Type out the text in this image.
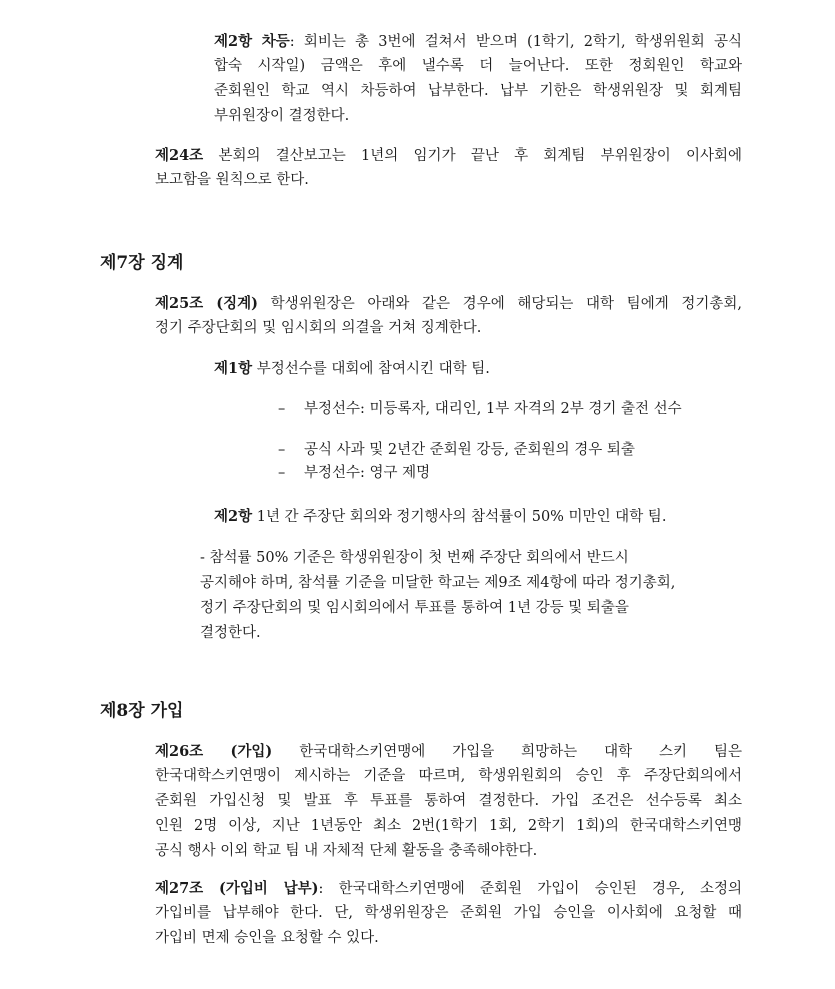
제2항 차등: 회비는 총 3번에 걸쳐서 받으며 (1학기, 2학기, 학생위원회 공식
합숙 시작일) 금액은 후에 낼수록 더 늘어난다. 또한 정회원인 학교와
준회원인 학교 역시 차등하여 납부한다. 납부 기한은 학생위원장 및 회계팀
부위원장이 결정한다.
제24조 본회의 결산보고는 1년의 임기가 끝난 후 회계팀 부위원장이 이사회에
보고함을 원칙으로 한다.
제7장 징계
제25조 (징계) 학생위원장은 아래와 같은 경우에 해당되는 대학 팀에게 정기총회,
정기 주장단회의 및 임시회의 의결을 거쳐 징계한다.
제1항 부정선수를 대회에 참여시킨 대학 팀.
– 부정선수: 미등록자, 대리인, 1부 자격의 2부 경기 출전 선수
– 공식 사과 및 2년간 준회원 강등, 준회원의 경우 퇴출
– 부정선수: 영구 제명
제2항 1년 간 주장단 회의와 정기행사의 참석률이 50% 미만인 대학 팀.
- 참석률 50% 기준은 학생위원장이 첫 번째 주장단 회의에서 반드시
공지해야 하며, 참석률 기준을 미달한 학교는 제9조 제4항에 따라 정기총회,
정기 주장단회의 및 임시회의에서 투표를 통하여 1년 강등 및 퇴출을
결정한다.
제8장 가입
제26조 (가입) 한국대학스키연맹에 가입을 희망하는 대학 스키 팀은
한국대학스키연맹이 제시하는 기준을 따르며, 학생위원회의 승인 후 주장단회의에서
준회원 가입신청 및 발표 후 투표를 통하여 결정한다. 가입 조건은 선수등록 최소
인원 2명 이상, 지난 1년동안 최소 2번(1학기 1회, 2학기 1회)의 한국대학스키연맹
공식 행사 이외 학교 팀 내 자체적 단체 활동을 충족해야한다.
제27조 (가입비 납부): 한국대학스키연맹에 준회원 가입이 승인된 경우, 소정의
가입비를 납부해야 한다. 단, 학생위원장은 준회원 가입 승인을 이사회에 요청할 때
가입비 면제 승인을 요청할 수 있다.
